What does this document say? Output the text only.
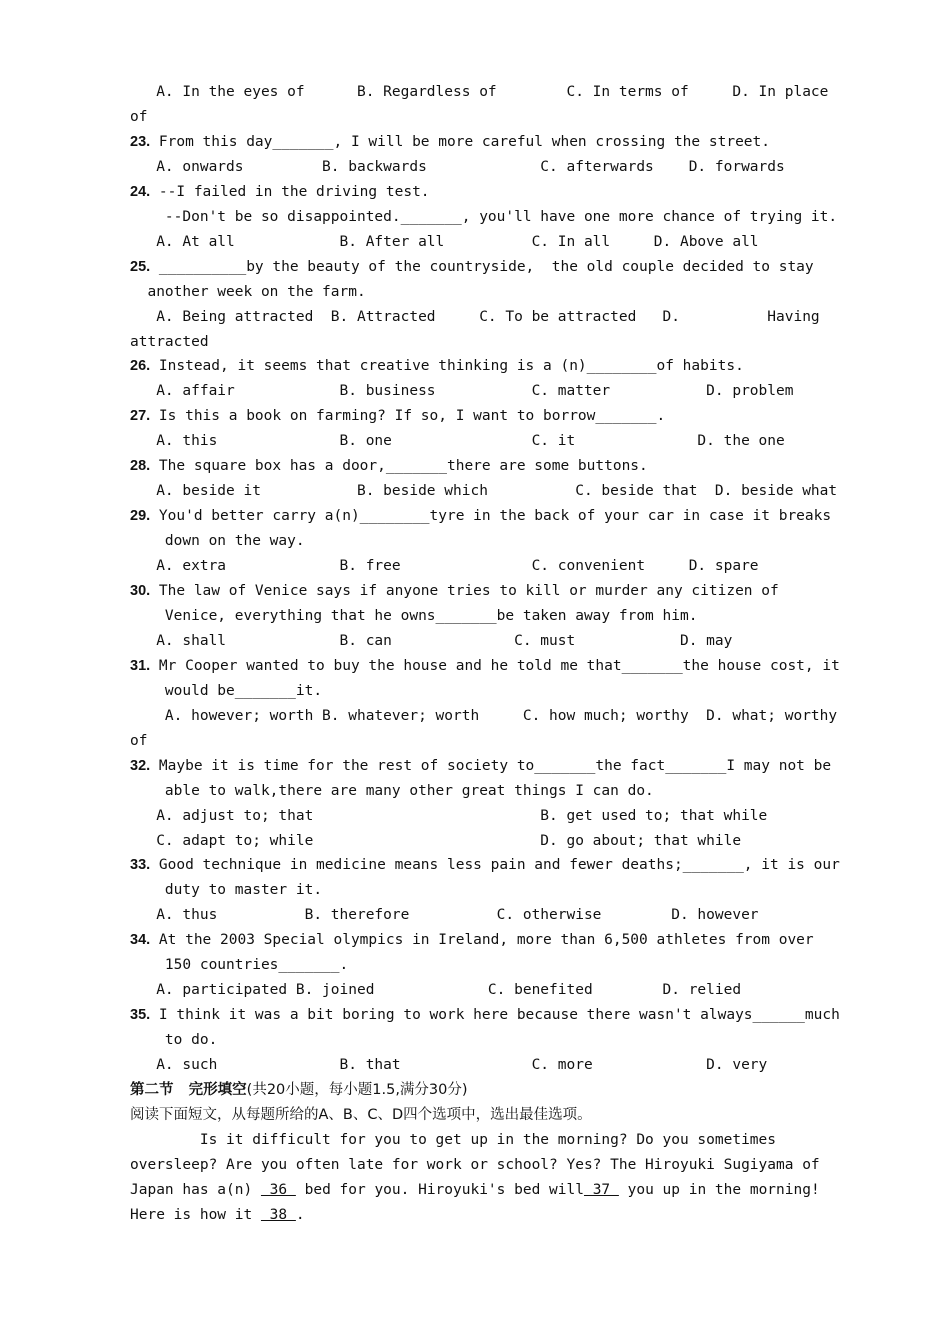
A. In the eyes of      B. Regardless of        C. In terms of     D. In place
of
23. From this day_______, I will be more careful when crossing the street.
A. onwards         B. backwards             C. afterwards    D. forwards
24. --I failed in the driving test.
--Don't be so disappointed._______, you'll have one more chance of trying it.
A. At all            B. After all          C. In all     D. Above all
25. __________by the beauty of the countryside,  the old couple decided to stay
another week on the farm.
A. Being attracted  B. Attracted     C. To be attracted   D.          Having
attracted
26. Instead, it seems that creative thinking is a (n)________of habits.
A. affair            B. business           C. matter           D. problem
27. Is this a book on farming? If so, I want to borrow_______.
A. this              B. one                C. it              D. the one
28. The square box has a door,_______there are some buttons.
A. beside it           B. beside which          C. beside that  D. beside what
29. You'd better carry a(n)________tyre in the back of your car in case it breaks
down on the way.
A. extra             B. free               C. convenient     D. spare
30. The law of Venice says if anyone tries to kill or murder any citizen of
Venice, everything that he owns_______be taken away from him.
A. shall             B. can              C. must            D. may
31. Mr Cooper wanted to buy the house and he told me that_______the house cost, it
would be_______it.
A. however; worth B. whatever; worth     C. how much; worthy  D. what; worthy
of
32. Maybe it is time for the rest of society to_______the fact_______I may not be
able to walk,there are many other great things I can do.
A. adjust to; that                          B. get used to; that while
C. adapt to; while                          D. go about; that while
33. Good technique in medicine means less pain and fewer deaths;_______, it is our
duty to master it.
A. thus          B. therefore          C. otherwise        D. however
34. At the 2003 Special olympics in Ireland, more than 6,500 athletes from over
150 countries_______.
A. participated B. joined             C. benefited        D. relied
35. I think it was a bit boring to work here because there wasn't always______much
to do.
A. such              B. that               C. more             D. very
第二节   完形填空(共20小题，每小题1.5,满分30分)
阅读下面短文，从每题所给的A、B、C、D四个选项中，选出最佳选项。
Is it difficult for you to get up in the morning? Do you sometimes
oversleep? Are you often late for work or school? Yes? The Hiroyuki Sugiyama of
Japan has a(n)  36  bed for you. Hiroyuki's bed will 37  you up in the morning!
Here is how it  38 .
